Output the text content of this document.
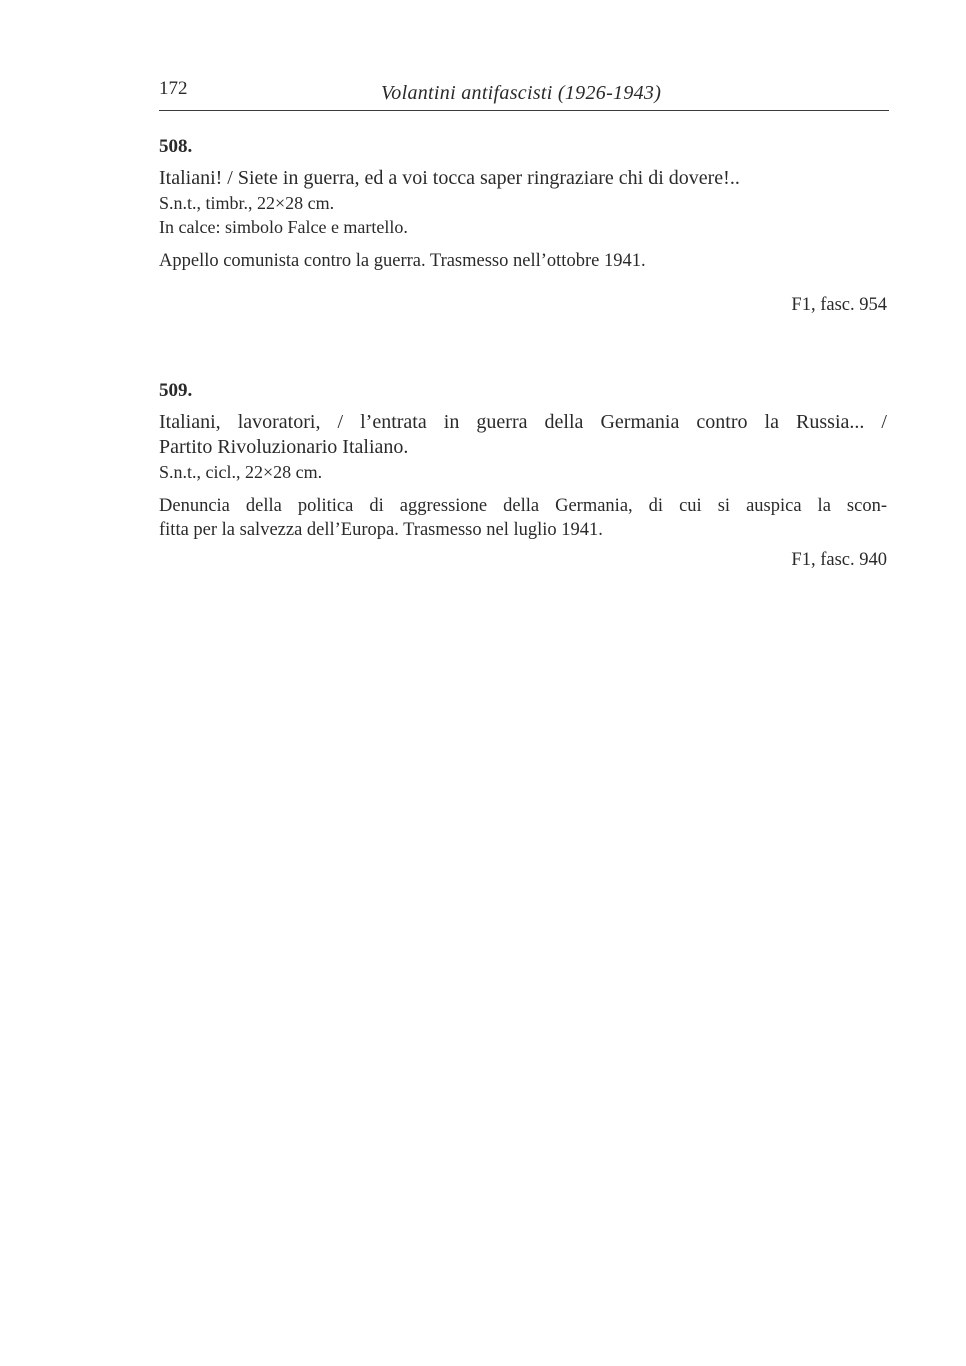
172	Volantini antifascisti (1926-1943)

508.

Italiani! / Siete in guerra, ed a voi tocca saper ringraziare chi di dovere!..

S.n.t., timbr., 22×28 cm.
In calce: simbolo Falce e martello.

Appello comunista contro la guerra. Trasmesso nell’ottobre 1941.

F1, fasc. 954

509.

Italiani, lavoratori, / l’entrata in guerra della Germania contro la Russia... /
Partito Rivoluzionario Italiano.

S.n.t., cicl., 22×28 cm.

Denuncia della politica di aggressione della Germania, di cui si auspica la scon-
fitta per la salvezza dell’Europa. Trasmesso nel luglio 1941.

F1, fasc. 940
